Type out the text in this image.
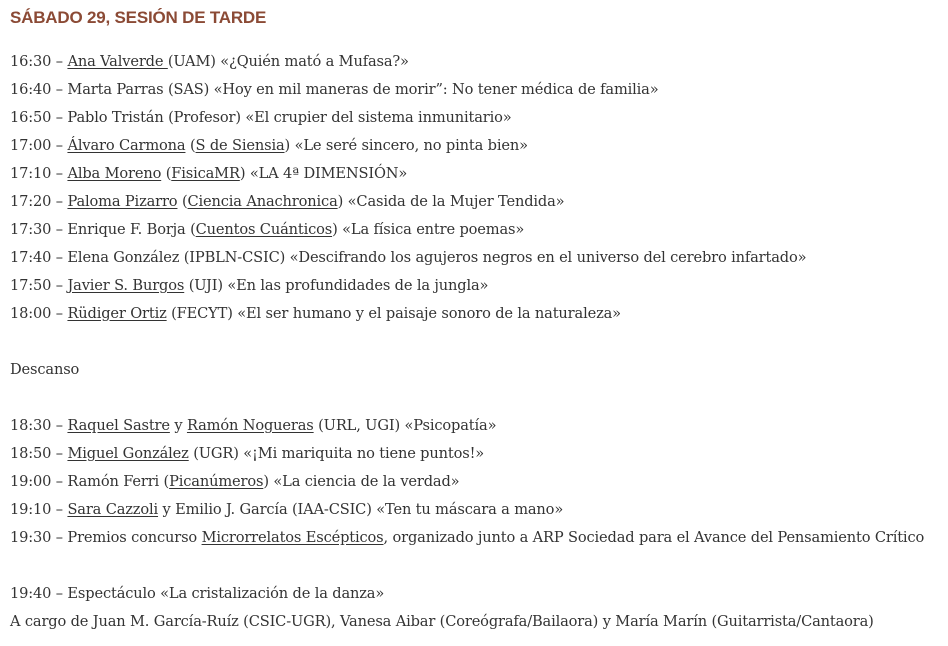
SÁBADO 29, SESIÓN DE TARDE
16:30 – Ana Valverde (UAM) «¿Quién mató a Mufasa?»
16:40 – Marta Parras (SAS) «Hoy en mil maneras de morir”: No tener médica de familia»
16:50 – Pablo Tristán (Profesor) «El crupier del sistema inmunitario»
17:00 – Álvaro Carmona (S de Siensia) «Le seré sincero, no pinta bien»
17:10 – Alba Moreno (FisicaMR) «LA 4ª DIMENSIÓN»
17:20 – Paloma Pizarro (Ciencia Anachronica) «Casida de la Mujer Tendida»
17:30 – Enrique F. Borja (Cuentos Cuánticos) «La física entre poemas»
17:40 – Elena González (IPBLN-CSIC) «Descifrando los agujeros negros en el universo del cerebro infartado»
17:50 – Javier S. Burgos (UJI) «En las profundidades de la jungla»
18:00 – Rüdiger Ortiz (FECYT) «El ser humano y el paisaje sonoro de la naturaleza»
Descanso
18:30 – Raquel Sastre y Ramón Nogueras (URL, UGI) «Psicopatía»
18:50 – Miguel González (UGR) «¡Mi mariquita no tiene puntos!»
19:00 – Ramón Ferri (Picanúmeros) «La ciencia de la verdad»
19:10 – Sara Cazzoli y Emilio J. García (IAA-CSIC) «Ten tu máscara a mano»
19:30 – Premios concurso Microrrelatos Escépticos, organizado junto a ARP Sociedad para el Avance del Pensamiento Crítico
19:40 – Espectáculo «La cristalización de la danza»
A cargo de Juan M. García-Ruíz (CSIC-UGR), Vanesa Aibar (Coreógrafa/Bailaora) y María Marín (Guitarrista/Cantaora)
